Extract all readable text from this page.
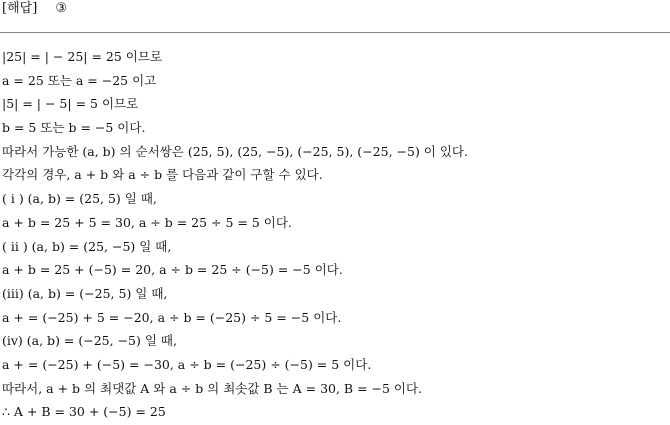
[해답] ③
|25| = | − 25| = 25 이므로
a = 25 또는 a = −25 이고
|5| = | − 5| = 5 이므로
b = 5 또는 b = −5 이다.
따라서 가능한 (a, b) 의 순서쌍은 (25, 5), (25, −5), (−25, 5), (−25, −5) 이 있다.
각각의 경우, a + b 와 a ÷ b 를 다음과 같이 구할 수 있다.
( i ) (a, b) = (25, 5) 일 때,
a + b = 25 + 5 = 30, a ÷ b = 25 ÷ 5 = 5 이다.
( ii ) (a, b) = (25, −5) 일 때,
a + b = 25 + (−5) = 20, a ÷ b = 25 ÷ (−5) = −5 이다.
(iii) (a, b) = (−25, 5) 일 때,
a + = (−25) + 5 = −20, a ÷ b = (−25) ÷ 5 = −5 이다.
(iv) (a, b) = (−25, −5) 일 때,
a + = (−25) + (−5) = −30, a ÷ b = (−25) ÷ (−5) = 5 이다.
따라서, a + b 의 최댓값 A 와 a ÷ b 의 최솟값 B 는 A = 30, B = −5 이다.
∴ A + B = 30 + (−5) = 25
